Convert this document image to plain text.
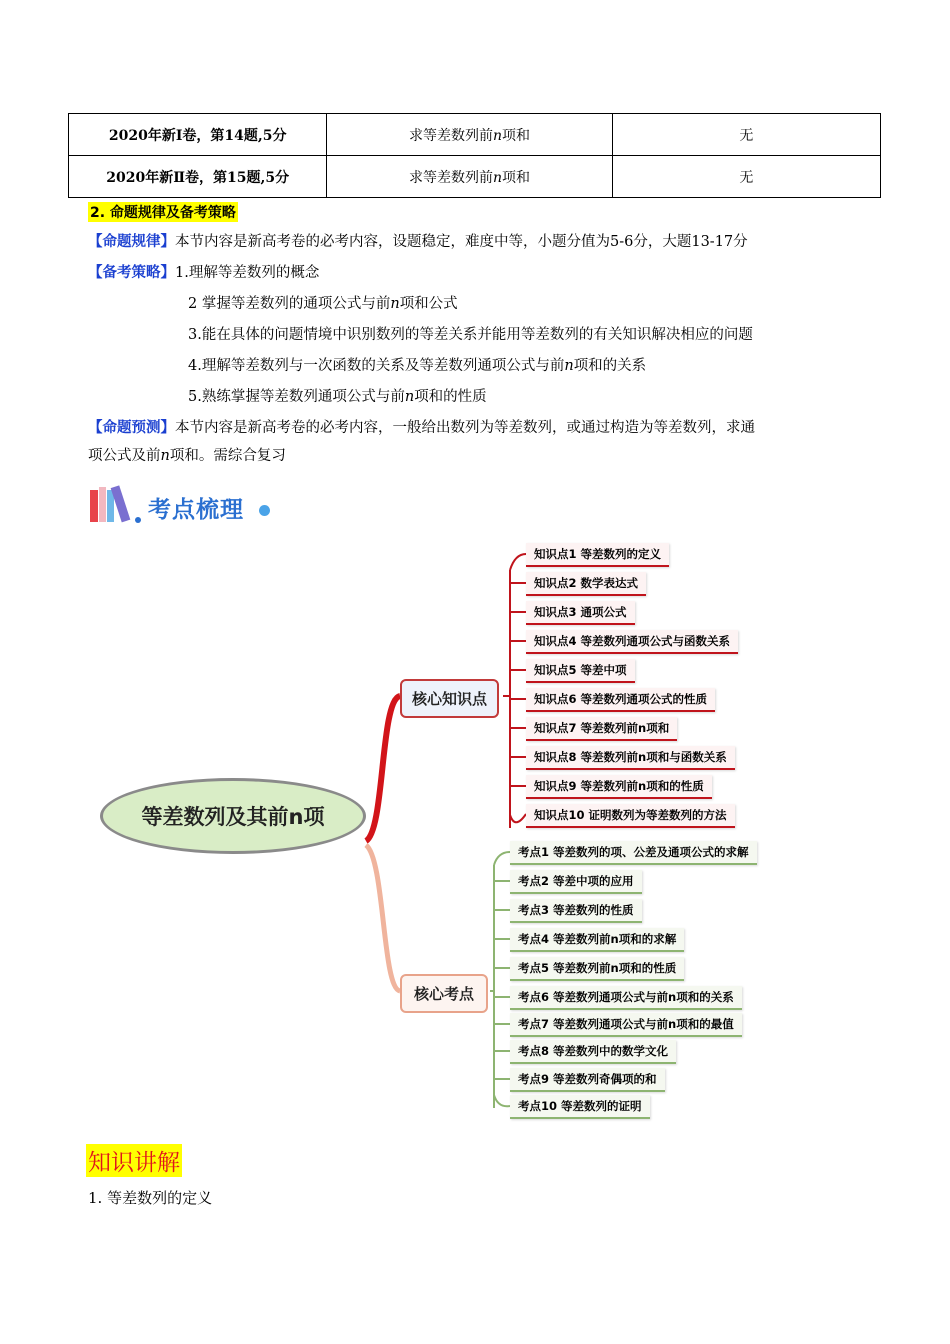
2020年新I卷，第14题,5分	求等差数列前n项和	无
2020年新Ⅱ卷，第15题,5分	求等差数列前n项和	无
2. 命题规律及备考策略
【命题规律】本节内容是新高考卷的必考内容，设题稳定，难度中等，小题分值为5-6分，大题13-17分
【备考策略】1.理解等差数列的概念
2 掌握等差数列的通项公式与前n项和公式
3.能在具体的问题情境中识别数列的等差关系并能用等差数列的有关知识解决相应的问题
4.理解等差数列与一次函数的关系及等差数列通项公式与前n项和的关系
5.熟练掌握等差数列通项公式与前n项和的性质
【命题预测】本节内容是新高考卷的必考内容，一般给出数列为等差数列，或通过构造为等差数列，求通
项公式及前n项和。需综合复习
考点梳理
等差数列及其前n项
核心知识点
核心考点
知识点1 等差数列的定义
知识点2 数学表达式
知识点3 通项公式
知识点4 等差数列通项公式与函数关系
知识点5 等差中项
知识点6 等差数列通项公式的性质
知识点7 等差数列前n项和
知识点8 等差数列前n项和与函数关系
知识点9 等差数列前n项和的性质
知识点10 证明数列为等差数列的方法
考点1 等差数列的项、公差及通项公式的求解
考点2 等差中项的应用
考点3 等差数列的性质
考点4 等差数列前n项和的求解
考点5 等差数列前n项和的性质
考点6 等差数列通项公式与前n项和的关系
考点7 等差数列通项公式与前n项和的最值
考点8 等差数列中的数学文化
考点9 等差数列奇偶项的和
考点10 等差数列的证明
知识讲解
1. 等差数列的定义
